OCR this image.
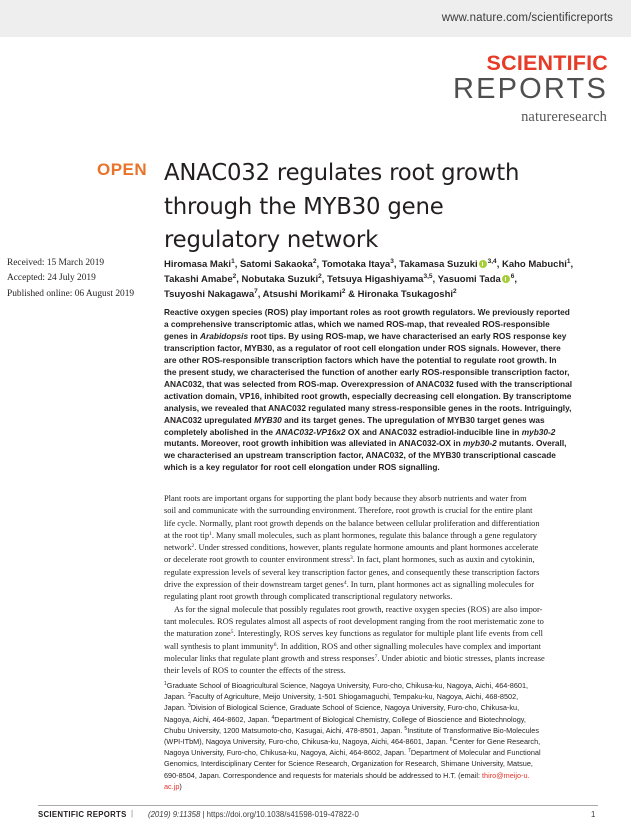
www.nature.com/scientificreports
SCIENTIFIC
REPORTS
natureresearch
OPEN ANAC032 regulates root growth
through the MYB30 gene
regulatory network
Received: 15 March 2019
Accepted: 24 July 2019
Published online: 06 August 2019
Hiromasa Maki$^1$, Satomi Sakaoka$^2$, Tomotaka Itaya$^3$, Takamasa Suzuki $^{3,4}$, Kaho Mabuchi$^1$,
Takashi Amabe$^2$, Nobutaka Suzuki$^2$, Tetsuya Higashiyama$^{3,5}$, Yasuomi Tada $^6$,
Tsuyoshi Nakagawa$^7$, Atsushi Morikami$^2$ & Hironaka Tsukagoshi$^2$
Reactive oxygen species (ROS) play important roles as root growth regulators. We previously reported
a comprehensive transcriptomic atlas, which we named ROS-map, that revealed ROS-responsible
genes in Arabidopsis root tips. By using ROS-map, we have characterised an early ROS response key
transcription factor, MYB30, as a regulator of root cell elongation under ROS signals. However, there
are other ROS-responsible transcription factors which have the potential to regulate root growth. In
the present study, we characterised the function of another early ROS-responsible transcription factor,
ANAC032, that was selected from ROS-map. Overexpression of ANAC032 fused with the transcriptional
activation domain, VP16, inhibited root growth, especially decreasing cell elongation. By transcriptome
analysis, we revealed that ANAC032 regulated many stress-responsible genes in the roots. Intriguingly,
ANAC032 upregulated MYB30 and its target genes. The upregulation of MYB30 target genes was
completely abolished in the ANAC032-VP16x2 OX and ANAC032 estradiol-inducible line in myb30-2
mutants. Moreover, root growth inhibition was alleviated in ANAC032-OX in myb30-2 mutants. Overall,
we characterised an upstream transcription factor, ANAC032, of the MYB30 transcriptional cascade
which is a key regulator for root cell elongation under ROS signalling.
Plant roots are important organs for supporting the plant body because they absorb nutrients and water from
soil and communicate with the surrounding environment. Therefore, root growth is crucial for the entire plant
life cycle. Normally, plant root growth depends on the balance between cellular proliferation and differentiation
at the root tip$^1$. Many small molecules, such as plant hormones, regulate this balance through a gene regulatory
network$^2$. Under stressed conditions, however, plants regulate hormone amounts and plant hormones accelerate
or decelerate root growth to counter environment stress$^3$. In fact, plant hormones, such as auxin and cytokinin,
regulate expression levels of several key transcription factor genes, and consequently these transcription factors
drive the expression of their downstream target genes$^4$. In turn, plant hormones act as signalling molecules for
regulating plant root growth through complicated transcriptional regulatory networks.
As for the signal molecule that possibly regulates root growth, reactive oxygen species (ROS) are also impor-
tant molecules. ROS regulates almost all aspects of root development ranging from the root meristematic zone to
the maturation zone$^5$. Interestingly, ROS serves key functions as regulator for multiple plant life events from cell
wall synthesis to plant immunity$^6$. In addition, ROS and other signalling molecules have complex and important
molecular links that regulate plant growth and stress responses$^7$. Under abiotic and biotic stresses, plants increase
their levels of ROS to counter the effects of the stress.
$^1$Graduate School of Bioagricultural Science, Nagoya University, Furo-cho, Chikusa-ku, Nagoya, Aichi, 464-8601,
Japan. $^2$Faculty of Agriculture, Meijo University, 1-501 Shiogamaguchi, Tempaku-ku, Nagoya, Aichi, 468-8502,
Japan. $^3$Division of Biological Science, Graduate School of Science, Nagoya University, Furo-cho, Chikusa-ku,
Nagoya, Aichi, 464-8602, Japan. $^4$Department of Biological Chemistry, College of Bioscience and Biotechnology,
Chubu University, 1200 Matsumoto-cho, Kasugai, Aichi, 478-8501, Japan. $^5$Institute of Transformative Bio-Molecules
(WPI-ITbM), Nagoya University, Furo-cho, Chikusa-ku, Nagoya, Aichi, 464-8601, Japan. $^6$Center for Gene Research,
Nagoya University, Furo-cho, Chikusa-ku, Nagoya, Aichi, 464-8602, Japan. $^7$Department of Molecular and Functional
Genomics, Interdisciplinary Center for Science Research, Organization for Research, Shimane University, Matsue,
690-8504, Japan. Correspondence and requests for materials should be addressed to H.T. (email: thiro@meijo-u.
ac.jp)
SCIENTIFIC REPORTS | (2019) 9:11358 | https://doi.org/10.1038/s41598-019-47822-0	1
